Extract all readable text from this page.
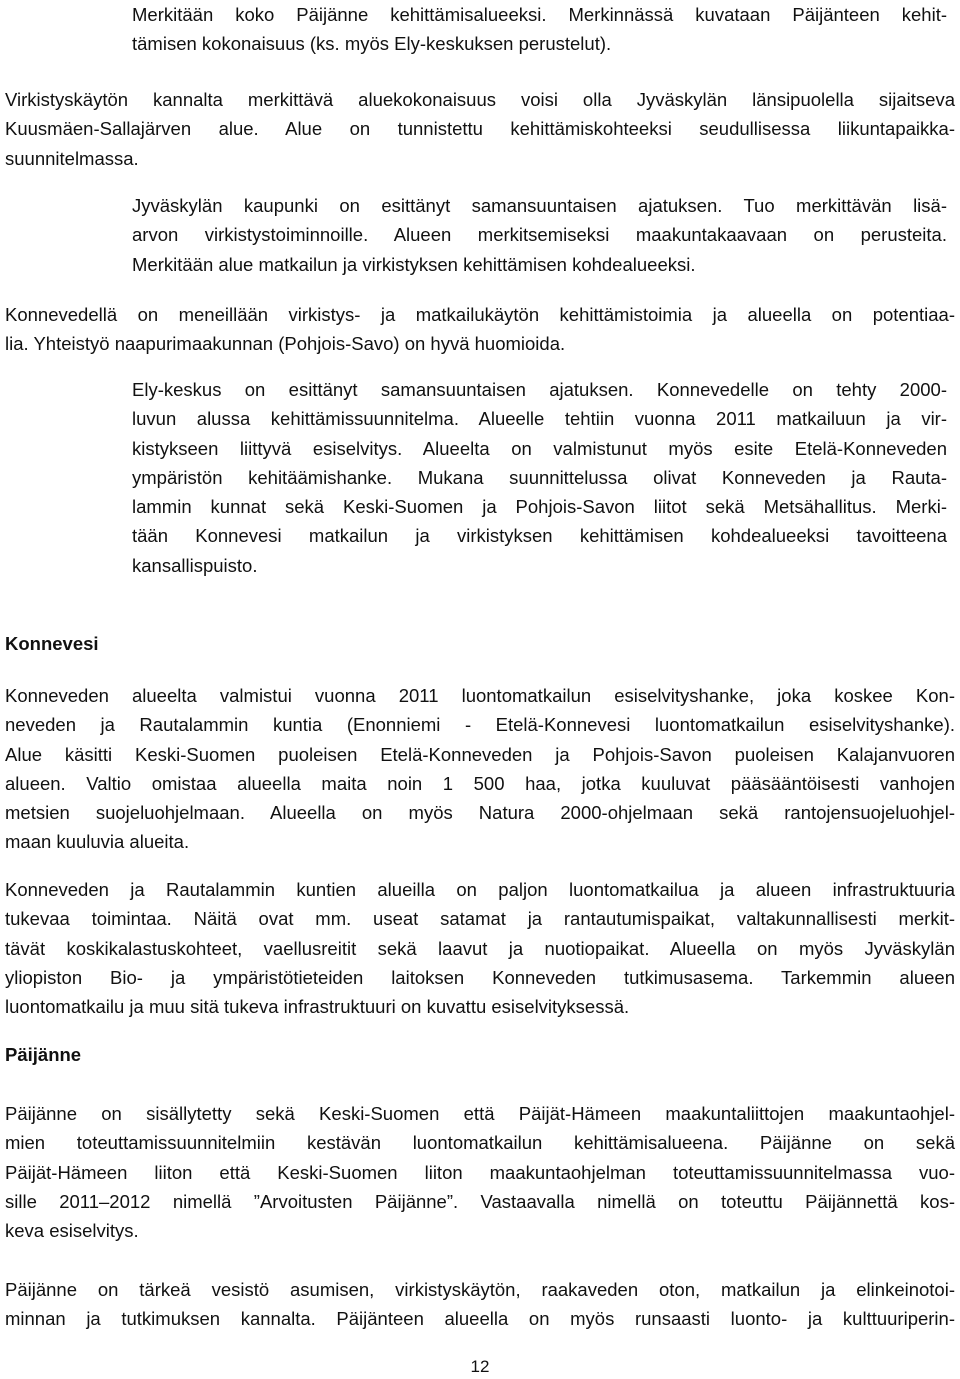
Merkitään koko Päijänne kehittämisalueeksi. Merkinnässä kuvataan Päijänteen kehit-
tämisen kokonaisuus (ks. myös Ely-keskuksen perustelut).

Virkistyskäytön kannalta merkittävä aluekokonaisuus voisi olla Jyväskylän länsipuolella sijaitseva
Kuusmäen-Sallajärven alue. Alue on tunnistettu kehittämiskohteeksi seudullisessa liikuntapaikka-
suunnitelmassa.

Jyväskylän kaupunki on esittänyt samansuuntaisen ajatuksen. Tuo merkittävän lisä-
arvon virkistystoiminnoille. Alueen merkitsemiseksi maakuntakaavaan on perusteita.
Merkitään alue matkailun ja virkistyksen kehittämisen kohdealueeksi.

Konnevedellä on meneillään virkistys- ja matkailukäytön kehittämistoimia ja alueella on potentiaa-
lia. Yhteistyö naapurimaakunnan (Pohjois-Savo) on hyvä huomioida.

Ely-keskus on esittänyt samansuuntaisen ajatuksen. Konnevedelle on tehty 2000-
luvun alussa kehittämissuunnitelma. Alueelle tehtiin vuonna 2011 matkailuun ja vir-
kistykseen liittyvä esiselvitys. Alueelta on valmistunut myös esite Etelä-Konneveden
ympäristön kehitäämishanke. Mukana suunnittelussa olivat Konneveden ja Rauta-
lammin kunnat sekä Keski-Suomen ja Pohjois-Savon liitot sekä Metsähallitus. Merki-
tään Konnevesi matkailun ja virkistyksen kehittämisen kohdealueeksi tavoitteena
kansallispuisto.

Konnevesi

Konneveden alueelta valmistui vuonna 2011 luontomatkailun esiselvityshanke, joka koskee Kon-
neveden ja Rautalammin kuntia (Enonniemi - Etelä-Konnevesi luontomatkailun esiselvityshanke).
Alue käsitti Keski-Suomen puoleisen Etelä-Konneveden ja Pohjois-Savon puoleisen Kalajanvuoren
alueen. Valtio omistaa alueella maita noin 1 500 haa, jotka kuuluvat pääsääntöisesti vanhojen
metsien suojeluohjelmaan. Alueella on myös Natura 2000-ohjelmaan sekä rantojensuojeluohjel-
maan kuuluvia alueita.

Konneveden ja Rautalammin kuntien alueilla on paljon luontomatkailua ja alueen infrastruktuuria
tukevaa toimintaa. Näitä ovat mm. useat satamat ja rantautumispaikat, valtakunnallisesti merkit-
tävät koskikalastuskohteet, vaellusreitit sekä laavut ja nuotiopaikat. Alueella on myös Jyväskylän
yliopiston Bio- ja ympäristötieteiden laitoksen Konneveden tutkimusasema. Tarkemmin alueen
luontomatkailu ja muu sitä tukeva infrastruktuuri on kuvattu esiselvityksessä.

Päijänne

Päijänne on sisällytetty sekä Keski-Suomen että Päijät-Hämeen maakuntaliittojen maakuntaohjel-
mien toteuttamissuunnitelmiin kestävän luontomatkailun kehittämisalueena. Päijänne on sekä
Päijät-Hämeen liiton että Keski-Suomen liiton maakuntaohjelman toteuttamissuunnitelmassa vuo-
sille 2011–2012 nimellä ”Arvoitusten Päijänne”. Vastaavalla nimellä on toteuttu Päijännettä kos-
keva esiselvitys.

Päijänne on tärkeä vesistö asumisen, virkistyskäytön, raakaveden oton, matkailun ja elinkeinotoi-
minnan ja tutkimuksen kannalta. Päijänteen alueella on myös runsaasti luonto- ja kulttuuriperin-

12
